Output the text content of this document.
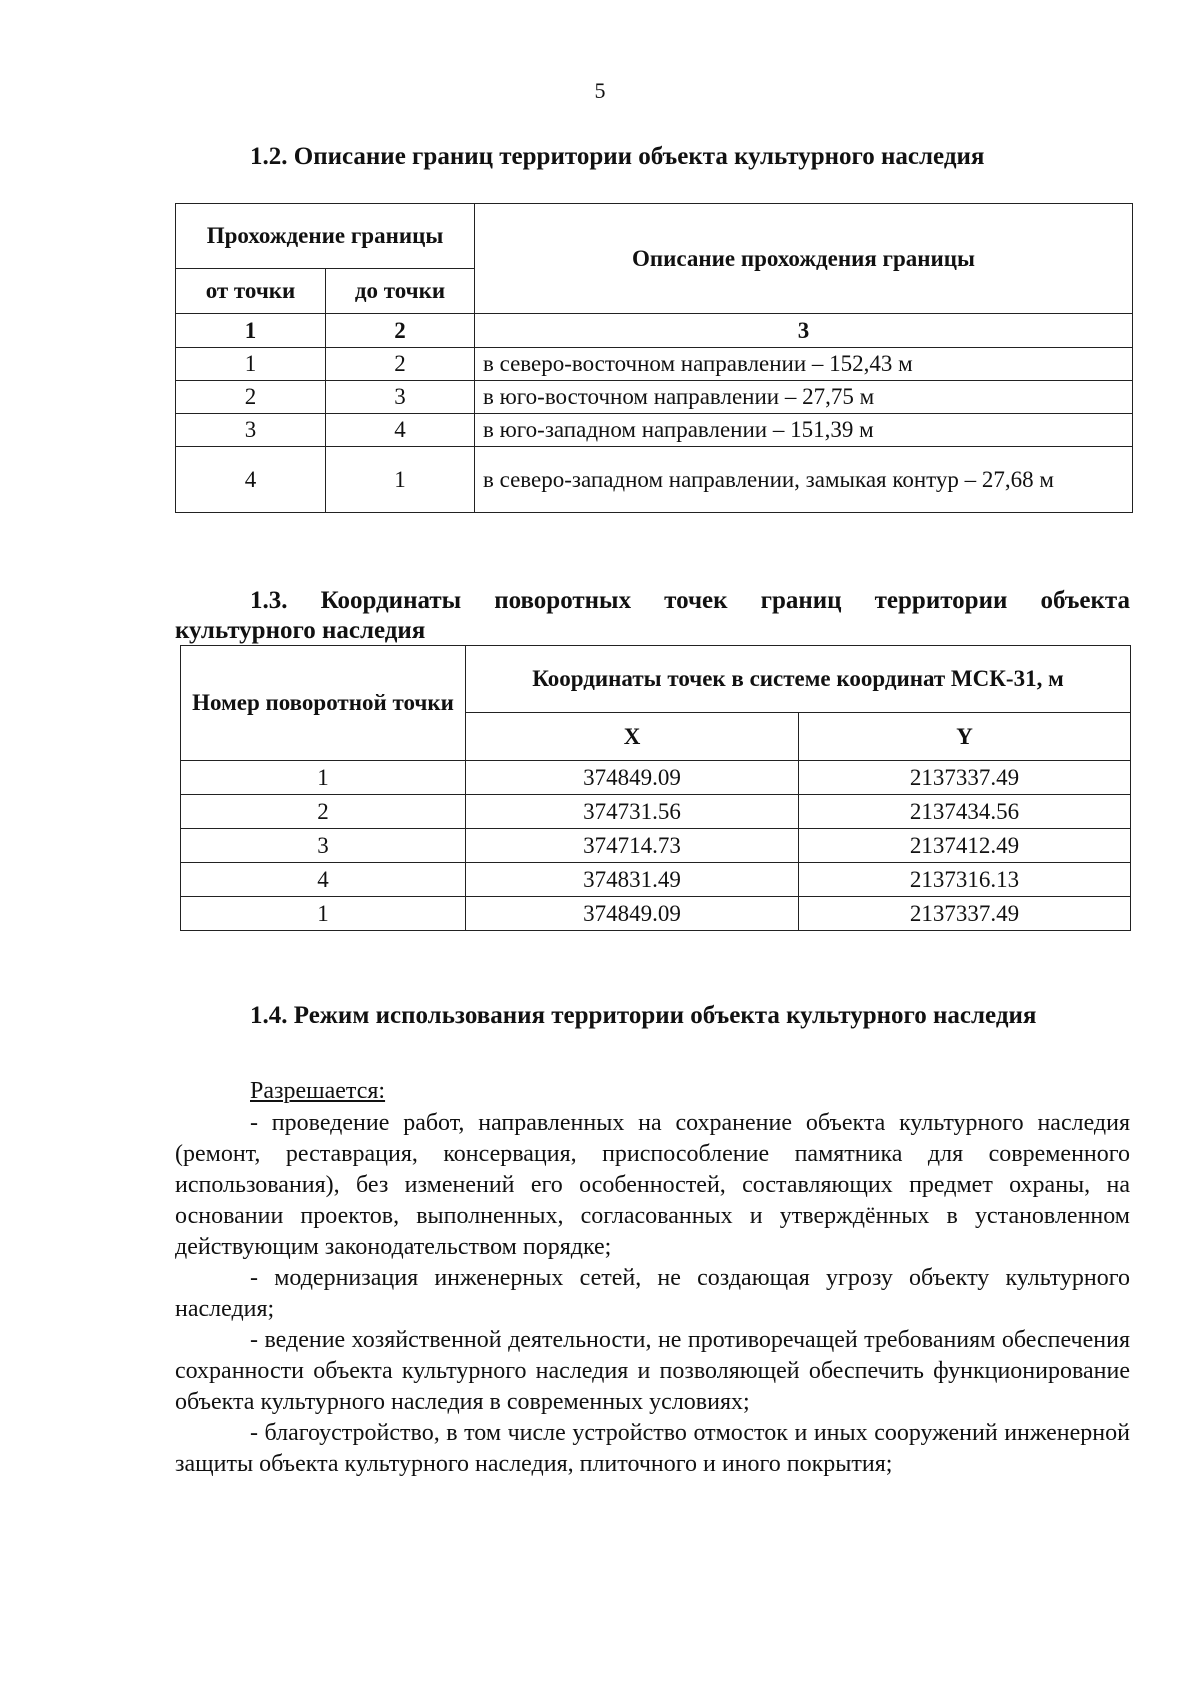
5
1.2. Описание границ территории объекта культурного наследия
Прохождение границы		Описание прохождения границы
от точки	до точки	
1	2	3
1	2	в северо-восточном направлении – 152,43 м
2	3	в юго-восточном направлении – 27,75 м
3	4	в юго-западном направлении – 151,39 м
4	1	в северо-западном направлении, замыкая контур – 27,68 м
1.3. Координаты поворотных точек границ территории объекта
культурного наследия
Номер поворотной точки	Координаты точек в системе координат МСК-31, м	
	X	Y
1	374849.09	2137337.49
2	374731.56	2137434.56
3	374714.73	2137412.49
4	374831.49	2137316.13
1	374849.09	2137337.49
1.4. Режим использования территории объекта культурного наследия
Разрешается:

- проведение работ, направленных на сохранение объекта культурного наследия (ремонт, реставрация, консервация, приспособление памятника для современного использования), без изменений его особенностей, составляющих предмет охраны, на основании проектов, выполненных, согласованных и утверждённых в установленном действующим законодательством порядке;

- модернизация инженерных сетей, не создающая угрозу объекту культурного наследия;

- ведение хозяйственной деятельности, не противоречащей требованиям обеспечения сохранности объекта культурного наследия и позволяющей обеспечить функционирование объекта культурного наследия в современных условиях;

- благоустройство, в том числе устройство отмосток и иных сооружений инженерной защиты объекта культурного наследия, плиточного и иного покрытия;
